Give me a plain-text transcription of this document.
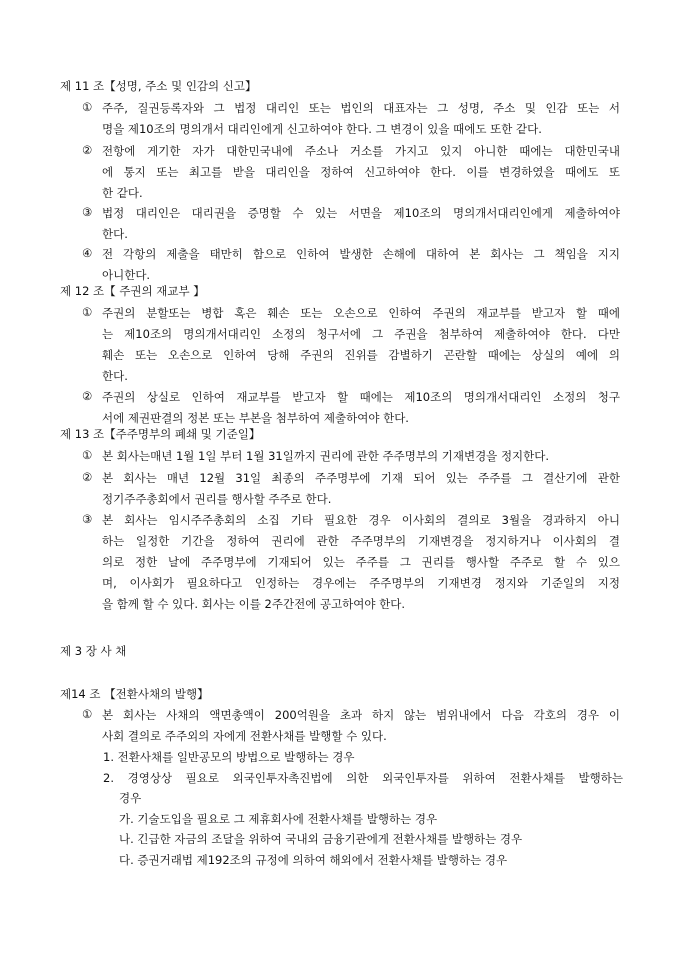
제 11 조【성명, 주소 및 인감의 신고】
① 주주, 질권등록자와 그 법정 대리인 또는 법인의 대표자는 그 성명, 주소 및 인감 또는 서
명을 제10조의 명의개서 대리인에게 신고하여야 한다. 그 변경이 있을 때에도 또한 같다.
② 전항에 게기한 자가 대한민국내에 주소나 거소를 가지고 있지 아니한 때에는 대한민국내
에 통지 또는 최고를 받을 대리인을 정하여 신고하여야 한다. 이를 변경하였을 때에도 또
한 같다.
③ 법정 대리인은 대리권을 증명할 수 있는 서면을 제10조의 명의개서대리인에게 제출하여야
한다.
④ 전 각항의 제출을 태만히 함으로 인하여 발생한 손해에 대하여 본 회사는 그 책임을 지지
아니한다.
제 12 조【 주권의 재교부 】
① 주권의 분할또는 병합 혹은 훼손 또는 오손으로 인하여 주권의 재교부를 받고자 할 때에
는 제10조의 명의개서대리인 소정의 청구서에 그 주권을 첨부하여 제출하여야 한다. 다만
훼손 또는 오손으로 인하여 당해 주권의 진위를 감별하기 곤란할 때에는 상실의 예에 의
한다.
② 주권의 상실로 인하여 재교부를 받고자 할 때에는 제10조의 명의개서대리인 소정의 청구
서에 제권판결의 정본 또는 부본을 첨부하여 제출하여야 한다.
제 13 조【주주명부의 폐쇄 및 기준일】
① 본 회사는매년 1월 1일 부터 1월 31일까지 권리에 관한 주주명부의 기재변경을 정지한다.
② 본 회사는 매년 12월 31일 최종의 주주명부에 기재 되어 있는 주주를 그 결산기에 관한
정기주주총회에서 권리를 행사할 주주로 한다.
③ 본 회사는 임시주주총회의 소집 기타 필요한 경우 이사회의 결의로 3월을 경과하지 아니
하는 일정한 기간을 정하여 권리에 관한 주주명부의 기재변경을 정지하거나 이사회의 결
의로 정한 날에 주주명부에 기재되어 있는 주주를 그 권리를 행사할 주주로 할 수 있으
며, 이사회가 필요하다고 인정하는 경우에는 주주명부의 기재변경 정지와 기준일의 지정
을 함께 할 수 있다. 회사는 이를 2주간전에 공고하여야 한다.
제 3 장 사 채
제14 조 【전환사채의 발행】
① 본 회사는 사채의 액면총액이 200억원을 초과 하지 않는 범위내에서 다음 각호의 경우 이
사회 결의로 주주외의 자에게 전환사채를 발행할 수 있다.
1. 전환사채를 일반공모의 방법으로 발행하는 경우
2. 경영상상 필요로 외국인투자촉진법에 의한 외국인투자를 위하여 전환사채를 발행하는
경우
가. 기술도입을 필요로 그 제휴회사에 전환사채를 발행하는 경우
나. 긴급한 자금의 조달을 위하여 국내외 금융기관에게 전환사채를 발행하는 경우
다. 증권거래법 제192조의 규정에 의하여 해외에서 전환사채를 발행하는 경우
